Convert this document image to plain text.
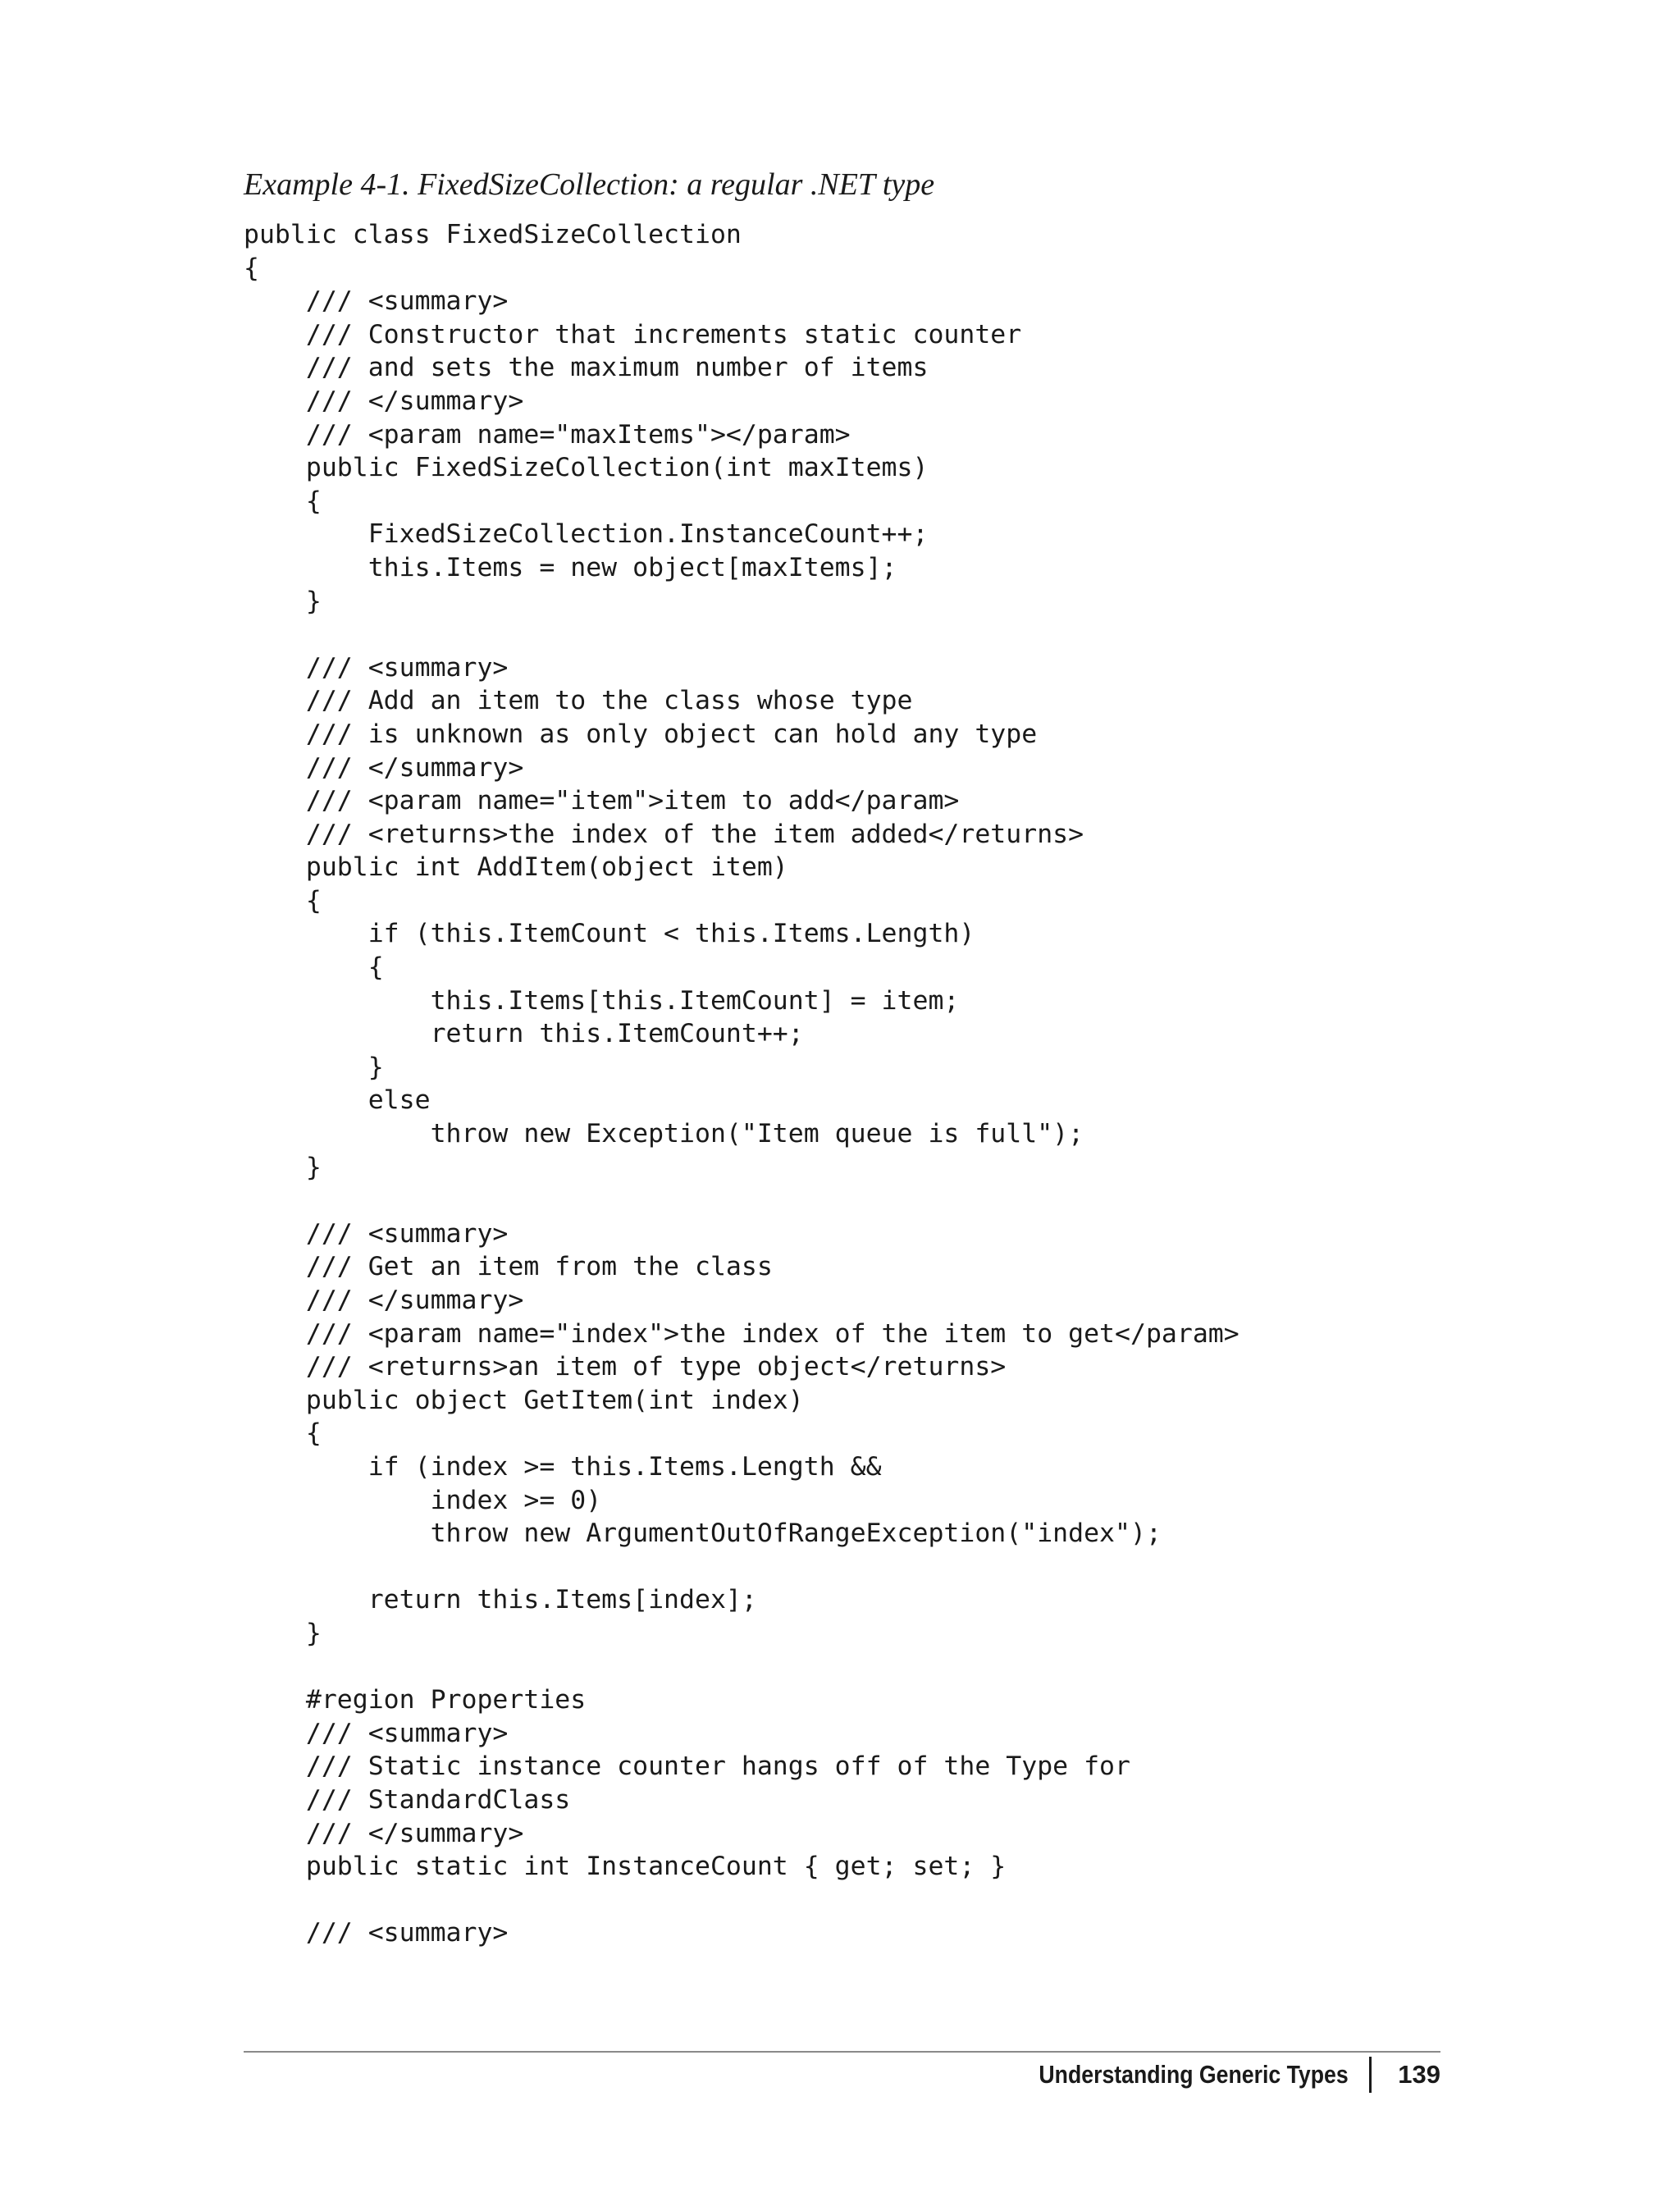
Example 4-1. FixedSizeCollection: a regular .NET type
public class FixedSizeCollection
{
/// <summary>
/// Constructor that increments static counter
/// and sets the maximum number of items
/// </summary>
/// <param name="maxItems"></param>
public FixedSizeCollection(int maxItems)
{
FixedSizeCollection.InstanceCount++;
this.Items = new object[maxItems];
}
/// <summary>
/// Add an item to the class whose type
/// is unknown as only object can hold any type
/// </summary>
/// <param name="item">item to add</param>
/// <returns>the index of the item added</returns>
public int AddItem(object item)
{
if (this.ItemCount < this.Items.Length)
{
this.Items[this.ItemCount] = item;
return this.ItemCount++;
}
else
throw new Exception("Item queue is full");
}
/// <summary>
/// Get an item from the class
/// </summary>
/// <param name="index">the index of the item to get</param>
/// <returns>an item of type object</returns>
public object GetItem(int index)
{
if (index >= this.Items.Length &&
index >= 0)
throw new ArgumentOutOfRangeException("index");
return this.Items[index];
}
#region Properties
/// <summary>
/// Static instance counter hangs off of the Type for
/// StandardClass
/// </summary>
public static int InstanceCount { get; set; }
/// <summary>
Understanding Generic Types 139
